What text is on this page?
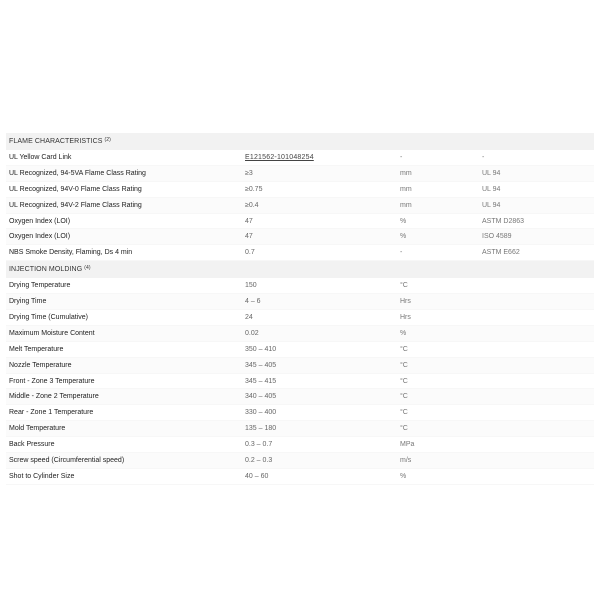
FLAME CHARACTERISTICS $^{(2)}$
UL Yellow Card Link	E121562-101048254	-	-
UL Recognized, 94-5VA Flame Class Rating	≥3	mm	UL 94
UL Recognized, 94V-0 Flame Class Rating	≥0.75	mm	UL 94
UL Recognized, 94V-2 Flame Class Rating	≥0.4	mm	UL 94
Oxygen Index (LOI)	47	%	ASTM D2863
Oxygen Index (LOI)	47	%	ISO 4589
NBS Smoke Density, Flaming, Ds 4 min	0.7	-	ASTM E662
INJECTION MOLDING $^{(4)}$
Drying Temperature	150	°C
Drying Time	4 – 6	Hrs
Drying Time (Cumulative)	24	Hrs
Maximum Moisture Content	0.02	%
Melt Temperature	350 – 410	°C
Nozzle Temperature	345 – 405	°C
Front - Zone 3 Temperature	345 – 415	°C
Middle - Zone 2 Temperature	340 – 405	°C
Rear - Zone 1 Temperature	330 – 400	°C
Mold Temperature	135 – 180	°C
Back Pressure	0.3 – 0.7	MPa
Screw speed (Circumferential speed)	0.2 – 0.3	m/s
Shot to Cylinder Size	40 – 60	%
